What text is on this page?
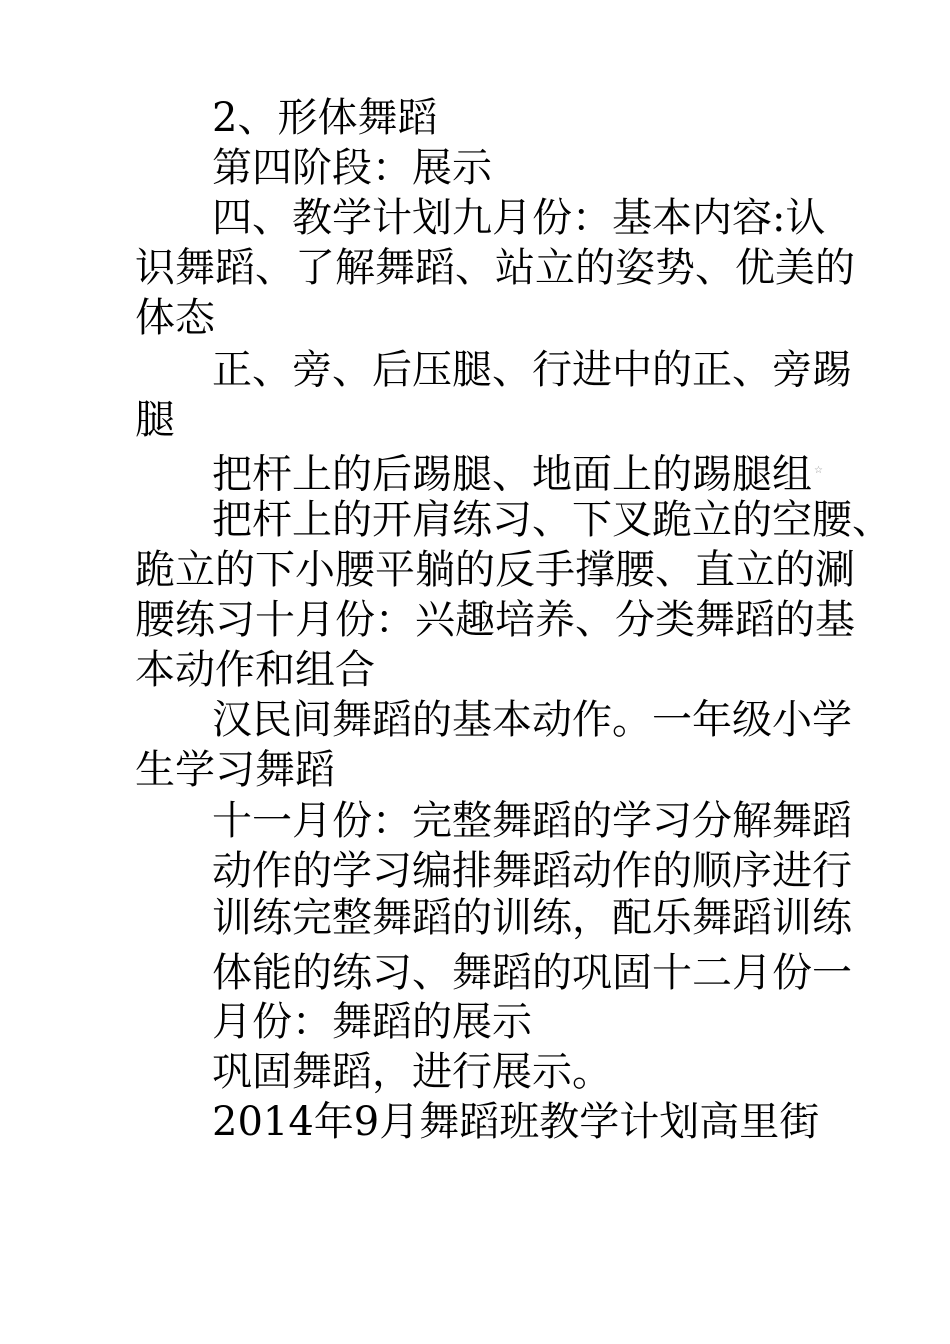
2、形体舞蹈
第四阶段：展示
四、教学计划九月份：基本内容:认
识舞蹈、了解舞蹈、站立的姿势、优美的
体态
正、旁、后压腿、行进中的正、旁踢
腿
把杆上的后踢腿、地面上的踢腿组 ☆
把杆上的开肩练习、下叉跪立的空腰、
跪立的下小腰平躺的反手撑腰、直立的涮
腰练习十月份：兴趣培养、分类舞蹈的基
本动作和组合
汉民间舞蹈的基本动作。一年级小学
生学习舞蹈
十一月份：完整舞蹈的学习分解舞蹈
动作的学习编排舞蹈动作的顺序进行
训练完整舞蹈的训练，配乐舞蹈训练
体能的练习、舞蹈的巩固十二月份一
月份：舞蹈的展示
巩固舞蹈，进行展示。
2014年9月舞蹈班教学计划高里街
